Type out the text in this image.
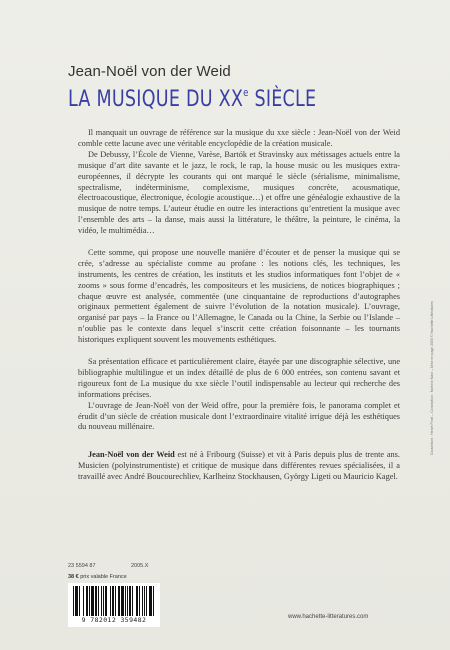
Jean-Noël von der Weid
LA MUSIQUE DU XXe SIÈCLE

Il manquait un ouvrage de référence sur la musique du xxe siècle : Jean-Noël von der Weid comble cette lacune avec une véritable encyclopédie de la création musicale.

De Debussy, l’École de Vienne, Varèse, Bartók et Stravinsky aux métissages actuels entre la musique d’art dite savante et le jazz, le rock, le rap, la house music ou les musiques extra-européennes, il décrypte les courants qui ont marqué le siècle (sérialisme, minimalisme, spectralisme, indéterminisme, complexisme, musiques concrète, acousmatique, électroacoustique, électronique, écologie acoustique…) et offre une généalogie exhaustive de la musique de notre temps. L’auteur étudie en outre les interactions qu’entretient la musique avec l’ensemble des arts – la danse, mais aussi la littérature, le théâtre, la peinture, le cinéma, la vidéo, le multimédia…

Cette somme, qui propose une nouvelle manière d’écouter et de penser la musique qui se crée, s’adresse au spécialiste comme au profane : les notions clés, les techniques, les instruments, les centres de création, les instituts et les studios informatiques font l’objet de « zooms » sous forme d’encadrés, les compositeurs et les musiciens, de notices biographiques ; chaque œuvre est analysée, commentée (une cinquantaine de reproductions d’autographes originaux permettent également de suivre l’évolution de la notation musicale). L’ouvrage, organisé par pays – la France ou l’Allemagne, le Canada ou la Chine, la Serbie ou l’Islande – n’oublie pas le contexte dans lequel s’inscrit cette création foisonnante – les tournants historiques expliquent souvent les mouvements esthétiques.

Sa présentation efficace et particulièrement claire, étayée par une discographie sélective, une bibliographie multilingue et un index détaillé de plus de 6 000 entrées, son contenu savant et rigoureux font de La musique du xxe siècle l’outil indispensable au lecteur qui recherche des informations précises.

L’ouvrage de Jean-Noël von der Weid offre, pour la première fois, le panorama complet et érudit d’un siècle de création musicale dont l’extraordinaire vitalité irrigue déjà les esthétiques du nouveau millénaire.

Jean-Noël von der Weid est né à Fribourg (Suisse) et vit à Paris depuis plus de trente ans. Musicien (polyinstrumentiste) et critique de musique dans différentes revues spécialisées, il a travaillé avec André Boucourechliev, Karlheinz Stockhausen, György Ligeti ou Mauricio Kagel.

Couverture : Hervé Pinel – Conception : Noémie Nasr – Mise en page 2005 © Hachette Littératures
23 5594 87	2005.X
38 € prix valable France
9 782012 359482	www.hachette-litteratures.com
